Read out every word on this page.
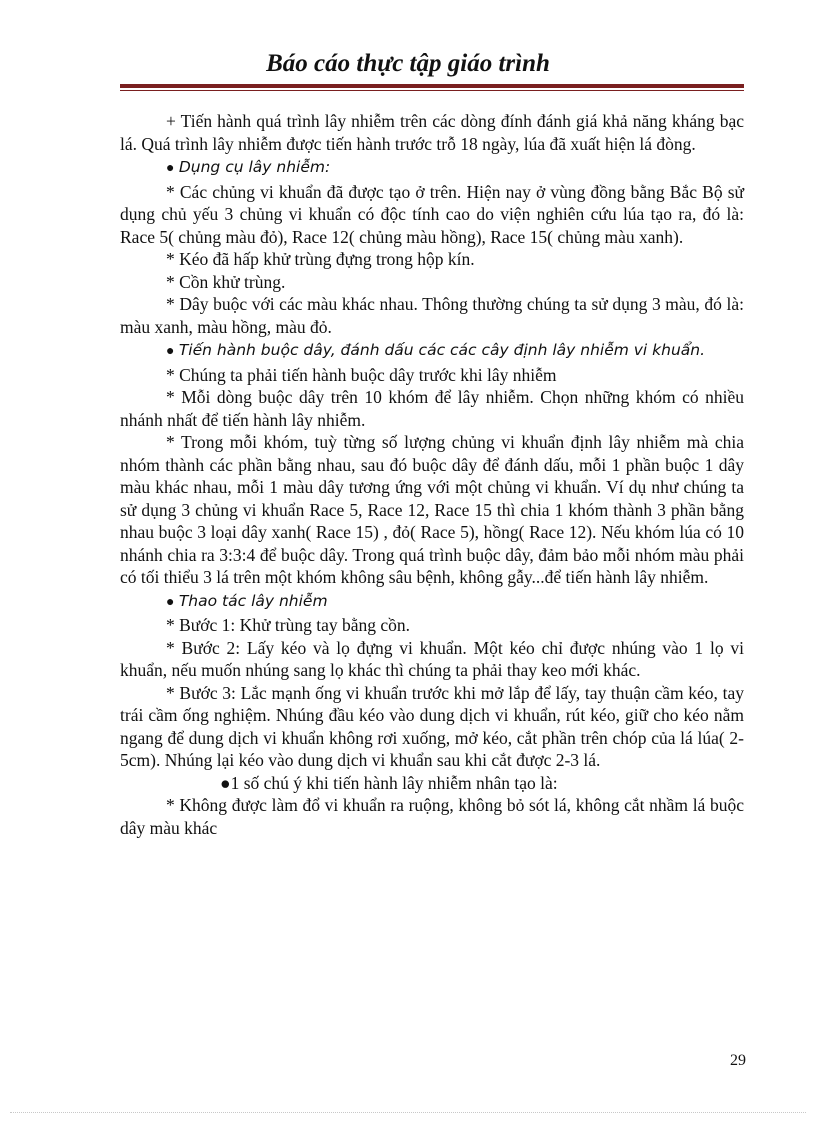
Báo cáo thực tập giáo trình

+ Tiến hành quá trình lây nhiễm trên các dòng đính đánh giá khả năng kháng bạc lá. Quá trình lây nhiễm được tiến hành trước trỗ 18 ngày, lúa đã xuất hiện lá đòng.

● Dụng cụ lây nhiễm:

* Các chủng vi khuẩn đã được tạo ở trên. Hiện nay ở vùng đồng bằng Bắc Bộ sử dụng chủ yếu 3 chủng vi khuẩn có độc tính cao do viện nghiên cứu lúa tạo ra, đó là: Race 5( chủng màu đỏ), Race 12( chủng màu hồng), Race 15( chủng màu xanh).

* Kéo đã hấp khử trùng đựng trong hộp kín.

* Cồn khử trùng.

* Dây buộc với các màu khác nhau. Thông thường chúng ta sử dụng 3 màu, đó là: màu xanh, màu hồng, màu đỏ.

● Tiến hành buộc dây, đánh dấu các các cây định lây nhiễm vi khuẩn.

* Chúng ta phải tiến hành buộc dây trước khi lây nhiễm

* Mỗi dòng buộc dây trên 10 khóm để lây nhiễm. Chọn những khóm có nhiều nhánh nhất để tiến hành lây nhiễm.

* Trong mỗi khóm, tuỳ từng số lượng chủng vi khuẩn định lây nhiễm mà chia nhóm thành các phần bằng nhau, sau đó buộc dây để đánh dấu, mỗi 1 phần buộc 1 dây màu khác nhau, mỗi 1 màu dây tương ứng với một chủng vi khuẩn. Ví dụ như chúng ta sử dụng 3 chủng vi khuẩn Race 5, Race 12, Race 15 thì chia 1 khóm thành 3 phần bằng nhau buộc 3 loại dây xanh( Race 15) , đỏ( Race 5), hồng( Race 12). Nếu khóm lúa có 10 nhánh chia ra 3:3:4 để buộc dây. Trong quá trình buộc dây, đảm bảo mỗi nhóm màu phải có tối thiểu 3 lá trên một khóm không sâu bệnh, không gẫy...để tiến hành lây nhiễm.

● Thao tác lây nhiễm

* Bước 1: Khử trùng tay bằng cồn.

* Bước 2: Lấy kéo và lọ đựng vi khuẩn. Một kéo chỉ được nhúng vào 1 lọ vi khuẩn, nếu muốn nhúng sang lọ khác thì chúng ta phải thay keo mới khác.

* Bước 3: Lắc mạnh ống vi khuẩn trước khi mở lắp để lấy, tay thuận cầm kéo, tay trái cầm ống nghiệm. Nhúng đầu kéo vào dung dịch vi khuẩn, rút kéo, giữ cho kéo nằm ngang để dung dịch vi khuẩn không rơi xuống, mở kéo, cắt phần trên chóp của lá lúa( 2-5cm). Nhúng lại kéo vào dung dịch vi khuẩn sau khi cắt được 2-3 lá.

●1 số chú ý khi tiến hành lây nhiễm nhân tạo là:

* Không được làm đổ vi khuẩn ra ruộng, không bỏ sót lá, không cắt nhầm lá buộc dây màu khác

29
